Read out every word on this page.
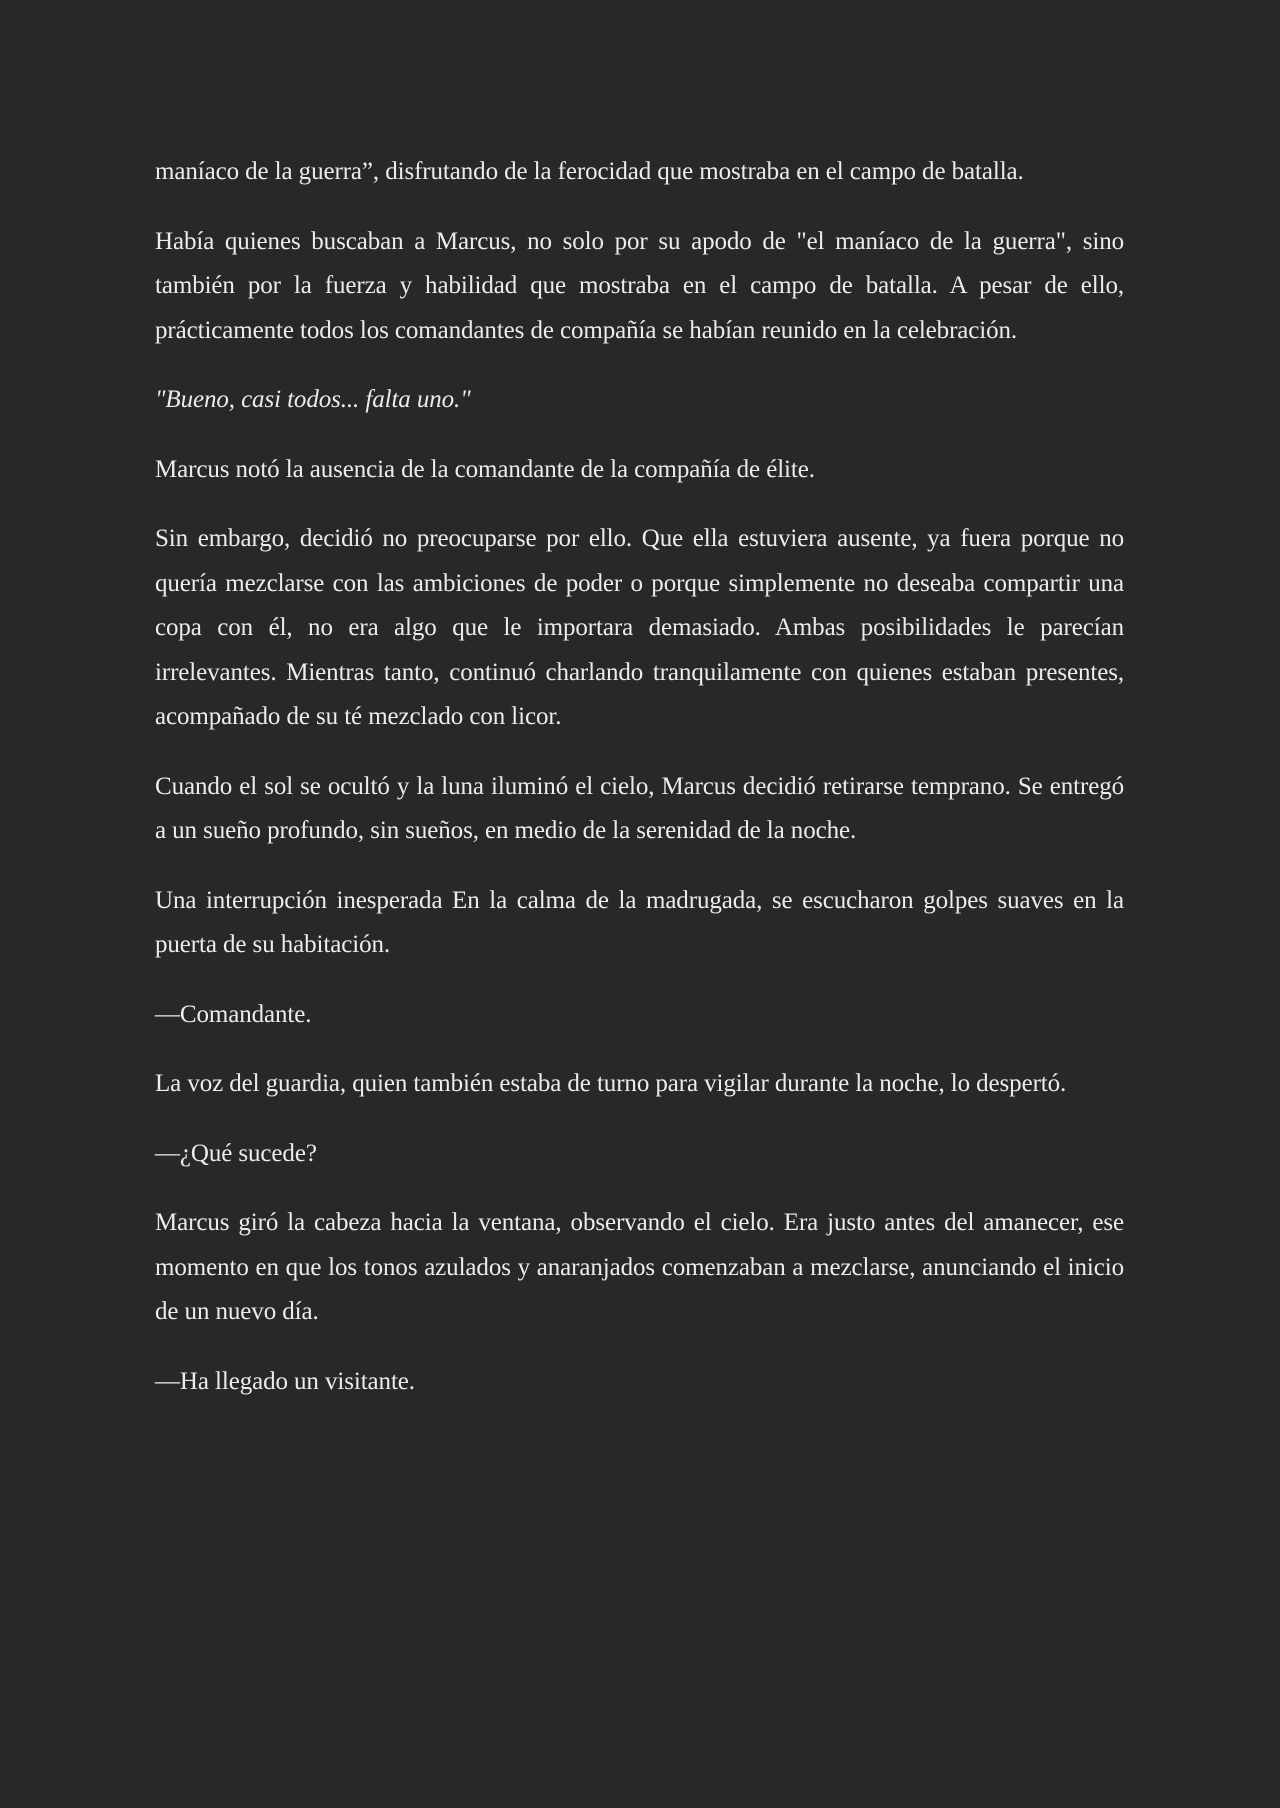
maníaco de la guerra”, disfrutando de la ferocidad que mostraba en el campo de batalla.

Había quienes buscaban a Marcus, no solo por su apodo de "el maníaco de la guerra", sino también por la fuerza y habilidad que mostraba en el campo de batalla. A pesar de ello, prácticamente todos los comandantes de compañía se habían reunido en la celebración.

"Bueno, casi todos... falta uno."

Marcus notó la ausencia de la comandante de la compañía de élite.

Sin embargo, decidió no preocuparse por ello. Que ella estuviera ausente, ya fuera porque no quería mezclarse con las ambiciones de poder o porque simplemente no deseaba compartir una copa con él, no era algo que le importara demasiado. Ambas posibilidades le parecían irrelevantes. Mientras tanto, continuó charlando tranquilamente con quienes estaban presentes, acompañado de su té mezclado con licor.

Cuando el sol se ocultó y la luna iluminó el cielo, Marcus decidió retirarse temprano. Se entregó a un sueño profundo, sin sueños, en medio de la serenidad de la noche.

Una interrupción inesperada En la calma de la madrugada, se escucharon golpes suaves en la puerta de su habitación.

—Comandante.

La voz del guardia, quien también estaba de turno para vigilar durante la noche, lo despertó.

—¿Qué sucede?

Marcus giró la cabeza hacia la ventana, observando el cielo. Era justo antes del amanecer, ese momento en que los tonos azulados y anaranjados comenzaban a mezclarse, anunciando el inicio de un nuevo día.

—Ha llegado un visitante.
